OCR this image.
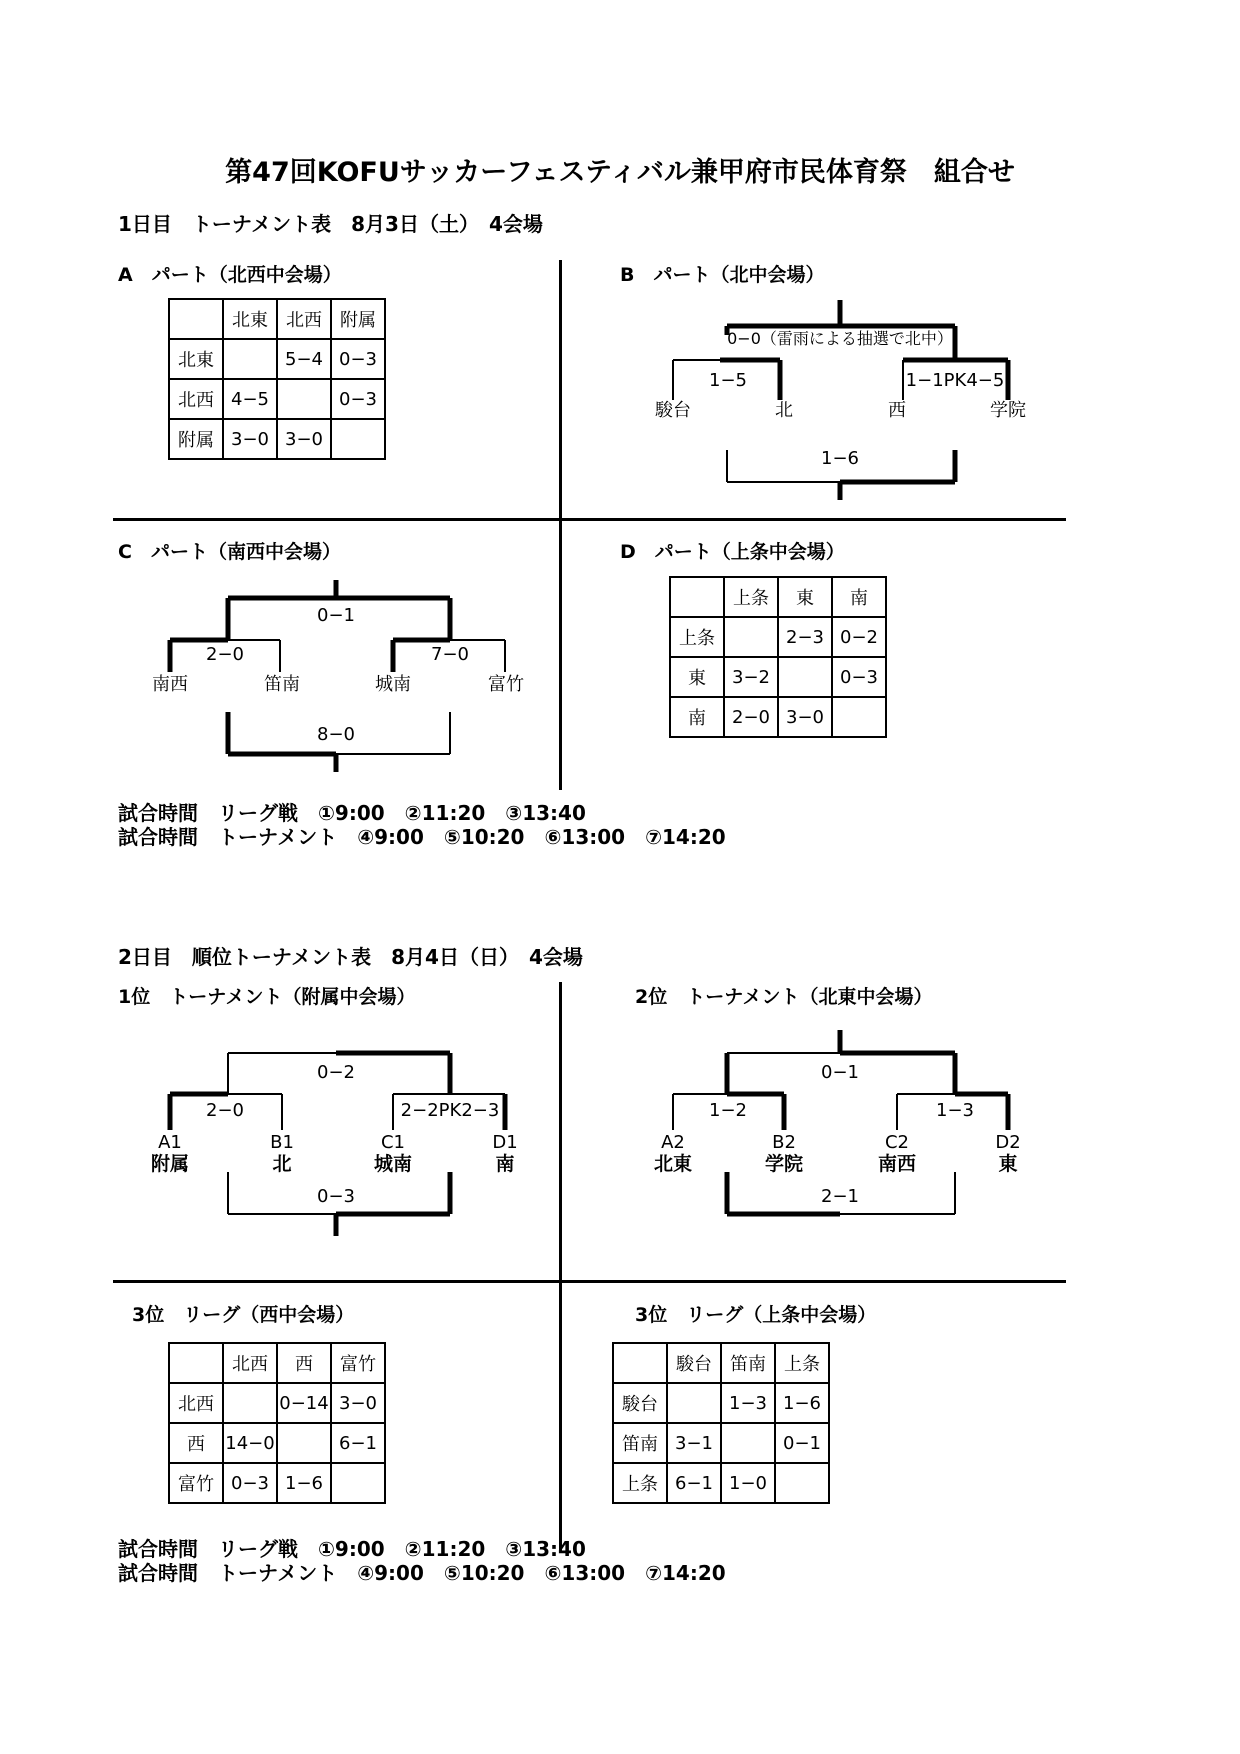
第47回KOFUサッカーフェスティバル兼甲府市民体育祭　組合せ
1日目　トーナメント表　8月3日（土）　4会場
A　パート（北西中会場）
	北東	北西	附属
北東		5−4	0−3
北西	4−5		0−3
附属	3−0	3−0	
B　パート（北中会場）
0−0（雷雨による抽選で北中）
1−5	1−1PK4−5
駿台	北	西	学院
1−6
C　パート（南西中会場）
0−1
2−0	7−0
南西	笛南	城南	富竹
8−0
D　パート（上条中会場）
	上条	東	南
上条		2−3	0−2
東	3−2		0−3
南	2−0	3−0	
試合時間　リーグ戦　①9:00　②11:20　③13:40
試合時間　トーナメント　④9:00　⑤10:20　⑥13:00　⑦14:20
2日目　順位トーナメント表　8月4日（日）　4会場
1位　トーナメント（附属中会場）
0−2
2−0	2−2PK2−3
A1	B1	C1	D1
附属	北	城南	南
0−3
2位　トーナメント（北東中会場）
0−1
1−2	1−3
A2	B2	C2	D2
北東	学院	南西	東
2−1
3位　リーグ（西中会場）
	北西	西	富竹
北西		0−14	3−0
西	14−0		6−1
富竹	0−3	1−6	
3位　リーグ（上条中会場）
	駿台	笛南	上条
駿台		1−3	1−6
笛南	3−1		0−1
上条	6−1	1−0	
試合時間　リーグ戦　①9:00　②11:20　③13:40
試合時間　トーナメント　④9:00　⑤10:20　⑥13:00　⑦14:20
